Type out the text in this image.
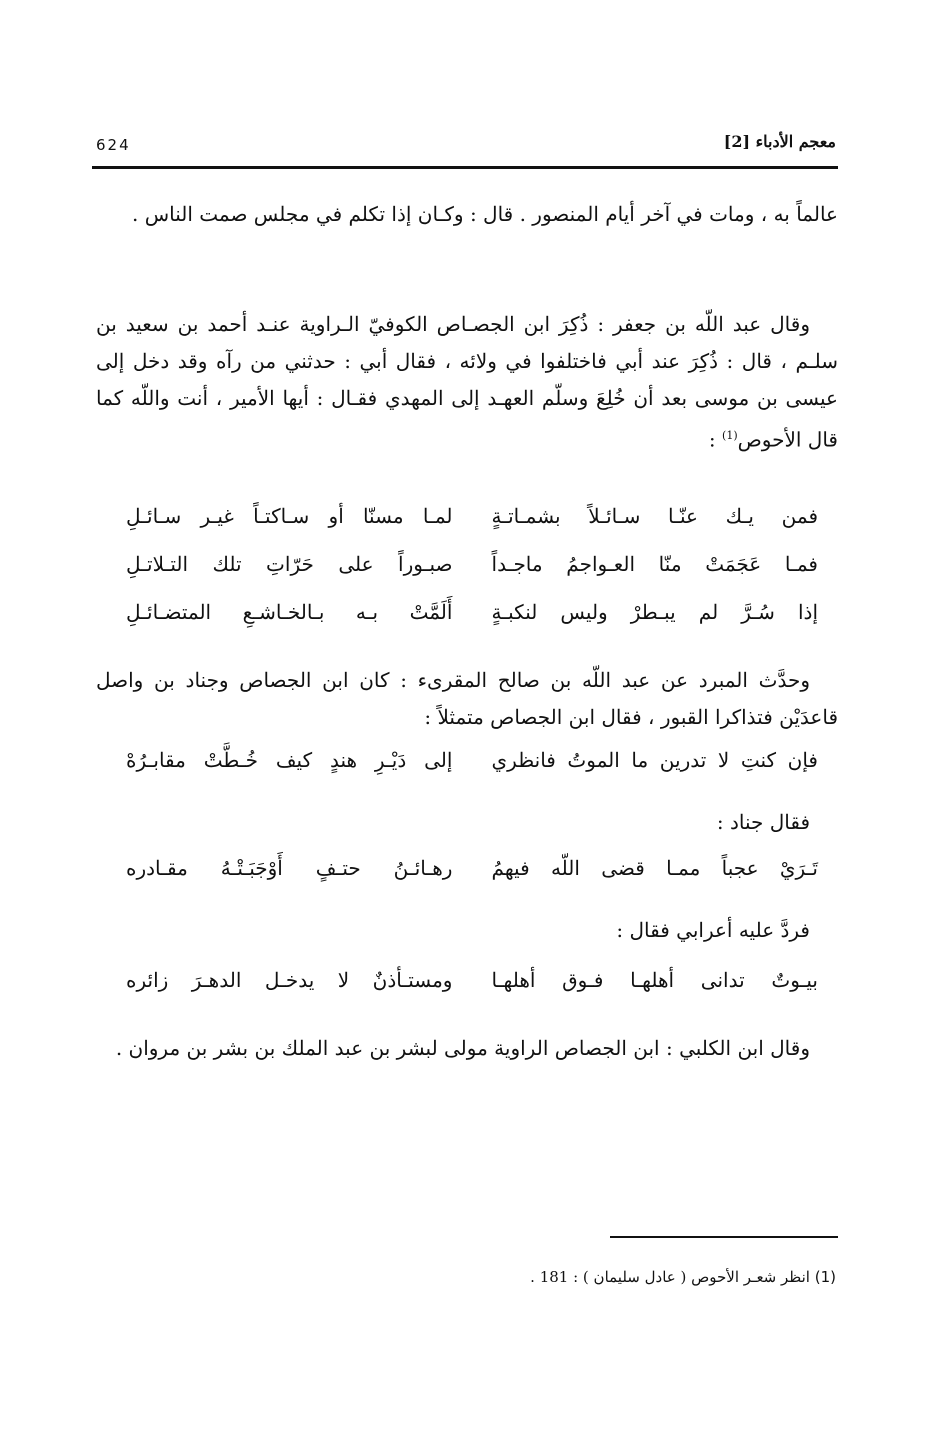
624	معجم الأدباء [2]

عالماً به ، ومات في آخر أيام المنصور . قال : وكـان إذا تكلم في مجلس صمت الناس .

وقال عبد اللّه بن جعفر : ذُكِرَ ابن الجصـاص الكوفيّ الـراوية عنـد أحمد بن سعيد بن سلـم ، قال : ذُكِرَ عند أبي فاختلفوا في ولائه ، فقال أبي : حدثني من رآه وقد دخل إلى عيسى بن موسى بعد أن خُلِعَ وسلّم العهـد إلى المهدي فقـال : أيها الأمير ، أنت واللّه كما قال الأحوص$^{(1)}$ :

فمن يـك عنّـا سـائـلاً بشمـاتـةٍ
لمـا مسنّا أو سـاكتـاً غيـر سـائـلِ
فمـا عَجَمَتْ منّا العـواجمُ ماجـداً
صبـوراً على حَرّاتِ تلك التـلاتـلِ
إذا سُـرَّ لم يبـطرْ وليس لنكبـةٍ
أَلَمَّتْ بـه بـالخـاشـعِ المتضـائـلِ

وحدَّث المبرد عن عبد اللّه بن صالح المقرىء : كان ابن الجصاص وجناد بن واصل قاعدَيْن فتذاكرا القبور ، فقال ابن الجصاص متمثلاً :

فإن كنتِ لا تدرين ما الموتُ فانظري
إلى دَيْـرِ هندٍ كيف خُـطَّتْ مقابـرُهْ

فقال جناد :

تَـرَيْ عجباً ممـا قضى اللّه فيهمُ
رهـائـنُ حتـفٍ أَوْجَبَـتْـهُ مقـادره

فردَّ عليه أعرابي فقال :

بيـوتٌ تدانى أهلهـا فـوق أهلهـا
ومستـأذنٌ لا يدخـل الدهـرَ زائره

وقال ابن الكلبي : ابن الجصاص الراوية مولى لبشر بن عبد الملك بن بشر بن مروان .

(1) انظر شعـر الأحوص ( عادل سليمان ) : 181 .
